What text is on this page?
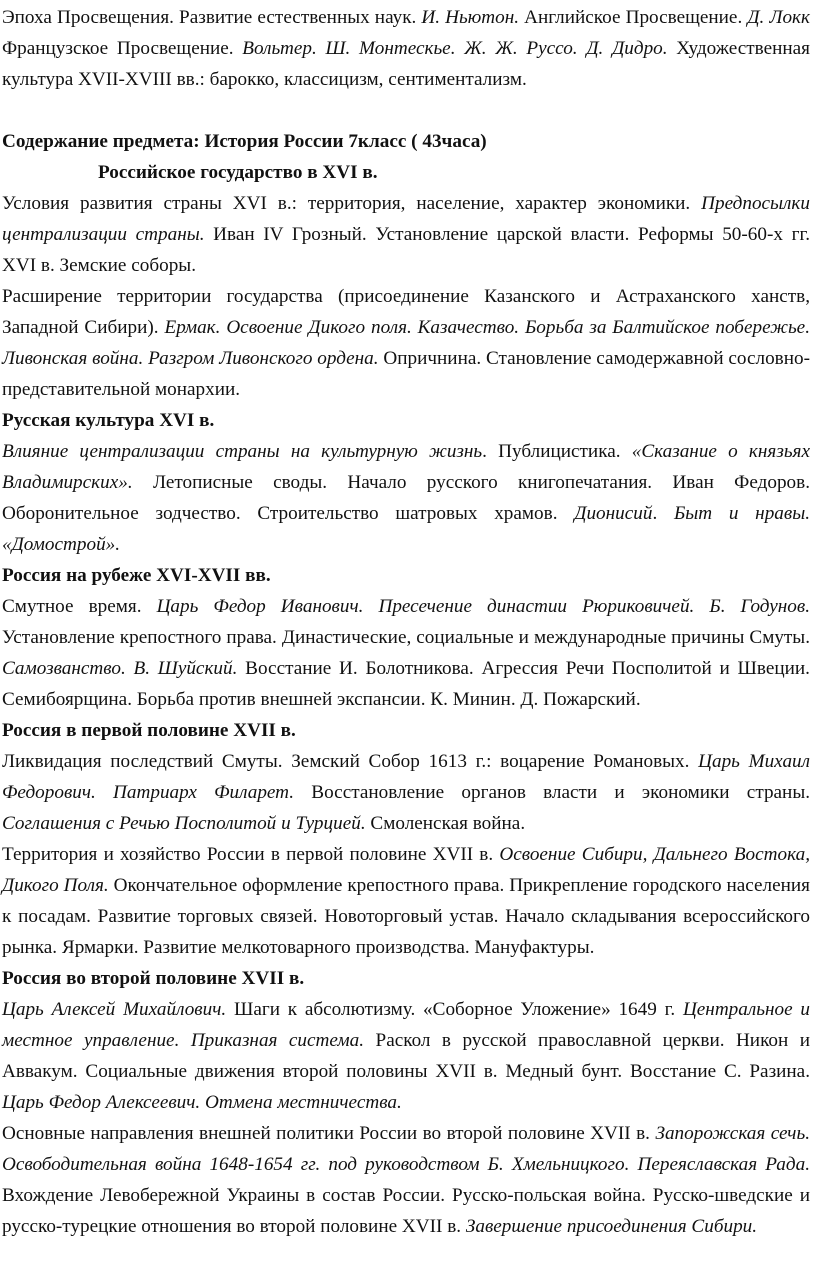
Эпоха Просвещения. Развитие естественных наук. И. Ньютон. Английское Просвещение. Д. Локк Французское Просвещение. Вольтер. Ш. Монтескье. Ж. Ж. Руссо. Д. Дидро. Художественная культура XVII-XVIII вв.: барокко, классицизм, сентиментализм.

Содержание предмета: История России 7класс ( 43часа)
Российское государство в XVI в.

Условия развития страны XVI в.: территория, население, характер экономики. Предпосылки централизации страны. Иван IV Грозный. Установление царской власти. Реформы 50-60-х гг. XVI в. Земские соборы.

Расширение территории государства (присоединение Казанского и Астраханского ханств, Западной Сибири). Ермак. Освоение Дикого поля. Казачество. Борьба за Балтийское побережье. Ливонская война. Разгром Ливонского ордена. Опричнина. Становление самодержавной сословно-представительной монархии.

Русская культура XVI в.

Влияние централизации страны на культурную жизнь. Публицистика. «Сказание о князьях Владимирских». Летописные своды. Начало русского книгопечатания. Иван Федоров. Оборонительное зодчество. Строительство шатровых храмов. Дионисий. Быт и нравы. «Домострой».

Россия на рубеже XVI-XVII вв.

Смутное время. Царь Федор Иванович. Пресечение династии Рюриковичей. Б. Годунов. Установление крепостного права. Династические, социальные и международные причины Смуты. Самозванство. В. Шуйский. Восстание И. Болотникова. Агрессия Речи Посполитой и Швеции. Семибоярщина. Борьба против внешней экспансии. К. Минин. Д. Пожарский.

Россия в первой половине XVII в.

Ликвидация последствий Смуты. Земский Собор 1613 г.: воцарение Романовых. Царь Михаил Федорович. Патриарх Филарет. Восстановление органов власти и экономики страны. Соглашения с Речью Посполитой и Турцией. Смоленская война.

Территория и хозяйство России в первой половине XVII в. Освоение Сибири, Дальнего Востока, Дикого Поля. Окончательное оформление крепостного права. Прикрепление городского населения к посадам. Развитие торговых связей. Новоторговый устав. Начало складывания всероссийского рынка. Ярмарки. Развитие мелкотоварного производства. Мануфактуры.

Россия во второй половине XVII в.

Царь Алексей Михайлович. Шаги к абсолютизму. «Соборное Уложение» 1649 г. Центральное и местное управление. Приказная система. Раскол в русской православной церкви. Никон и Аввакум. Социальные движения второй половины XVII в. Медный бунт. Восстание С. Разина. Царь Федор Алексеевич. Отмена местничества.

Основные направления внешней политики России во второй половине XVII в. Запорожская сечь. Освободительная война 1648-1654 гг. под руководством Б. Хмельницкого. Переяславская Рада. Вхождение Левобережной Украины в состав России. Русско-польская война. Русско-шведские и русско-турецкие отношения во второй половине XVII в. Завершение присоединения Сибири.
